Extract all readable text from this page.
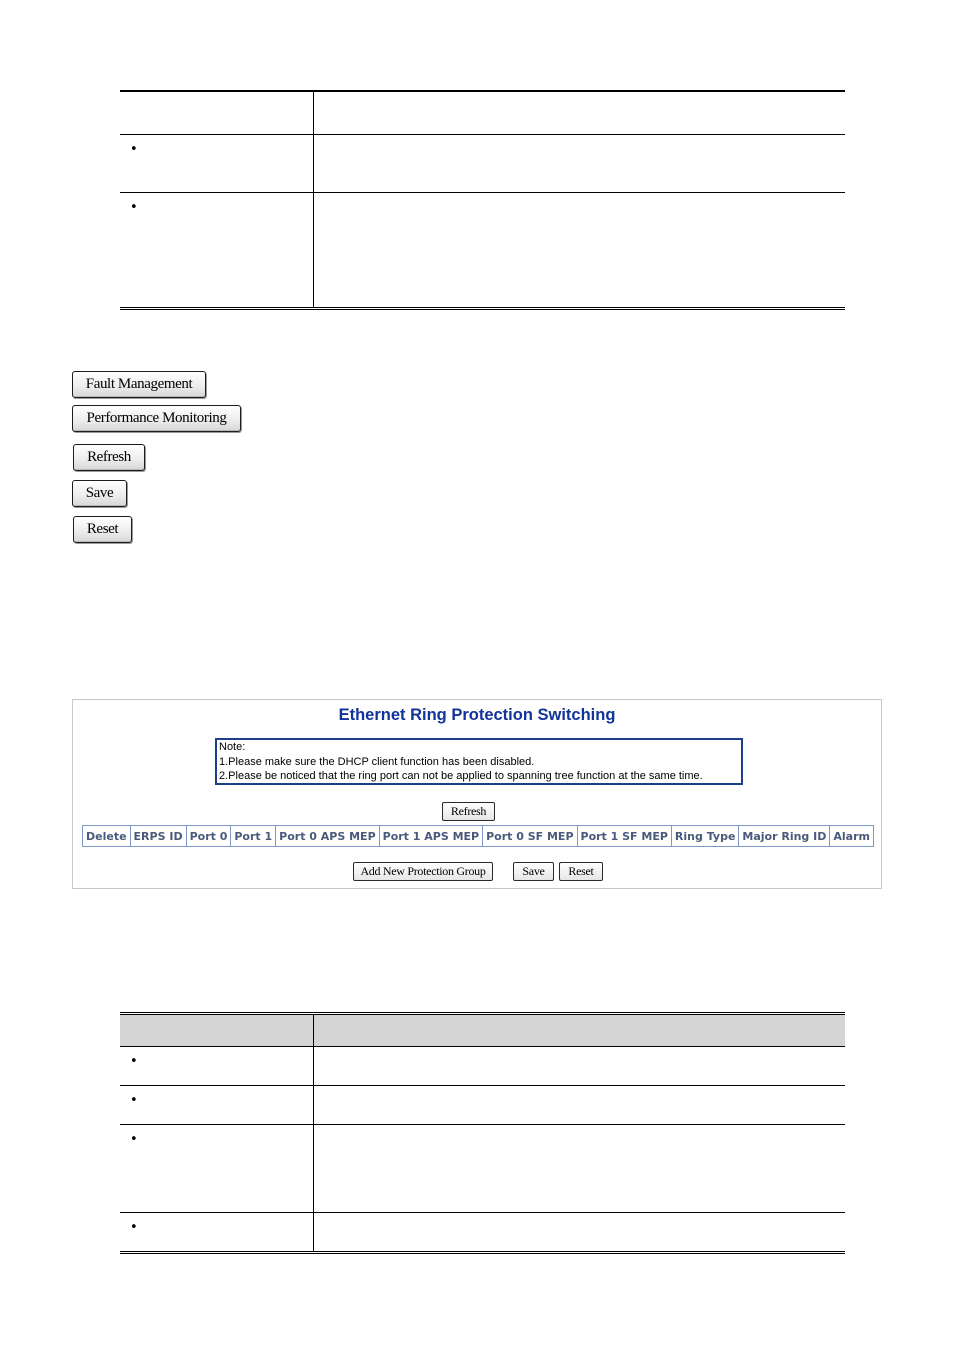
•	
•	
Fault Management
Performance Monitoring
Refresh
Save
Reset
Ethernet Ring Protection Switching
Note:
1.Please make sure the DHCP client function has been disabled.
2.Please be noticed that the ring port can not be applied to spanning tree function at the same time.
Refresh
Delete	ERPS ID	Port 0	Port 1	Port 0 APS MEP	Port 1 APS MEP	Port 0 SF MEP	Port 1 SF MEP	Ring Type	Major Ring ID	Alarm
Add New Protection Group	Save	Reset

•	
•	
•	
•	
